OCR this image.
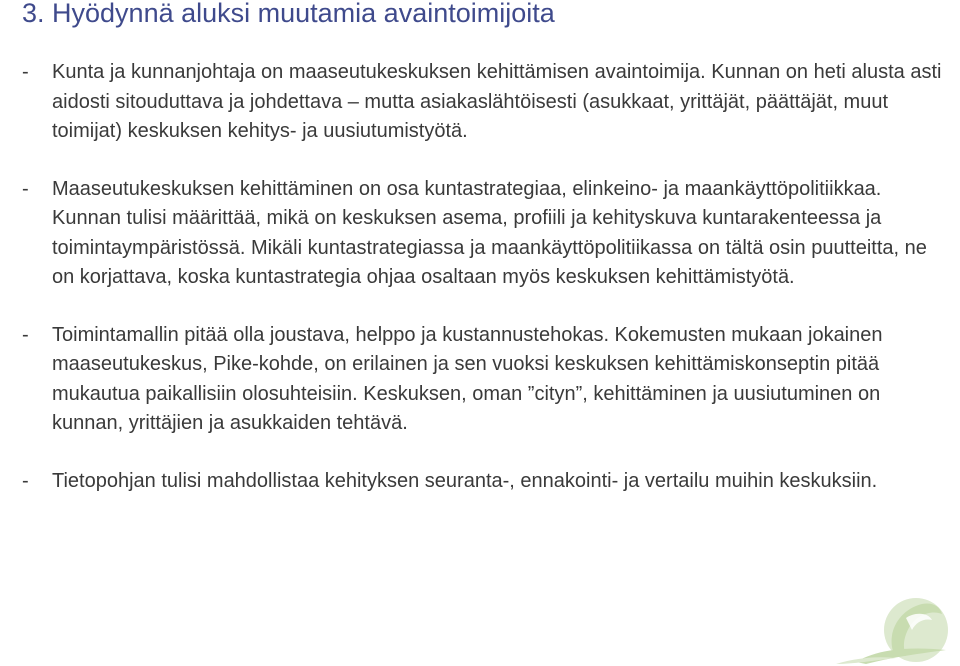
3. Hyödynnä aluksi muutamia avaintoimijoita
- Kunta ja kunnanjohtaja on maaseutukeskuksen kehittämisen avaintoimija. Kunnan on heti alusta asti aidosti sitouduttava ja johdettava – mutta asiakaslähtöisesti (asukkaat, yrittäjät, päättäjät, muut toimijat) keskuksen kehitys- ja uusiutumistyötä.
- Maaseutukeskuksen kehittäminen on osa kuntastrategiaa, elinkeino- ja maankäyttöpolitiikkaa. Kunnan tulisi määrittää, mikä on keskuksen asema, profiili ja kehityskuva kuntarakenteessa ja toimintaympäristössä. Mikäli kuntastrategiassa ja maankäyttöpolitiikassa on tältä osin puutteitta, ne on korjattava, koska kuntastrategia ohjaa osaltaan myös keskuksen kehittämistyötä.
- Toimintamallin pitää olla joustava, helppo ja kustannustehokas. Kokemusten mukaan jokainen maaseutukeskus, Pike-kohde, on erilainen ja sen vuoksi keskuksen kehittämiskonseptin pitää mukautua paikallisiin olosuhteisiin. Keskuksen, oman ”cityn”, kehittäminen ja uusiutuminen on kunnan, yrittäjien ja asukkaiden tehtävä.
- Tietopohjan tulisi mahdollistaa kehityksen seuranta-, ennakointi- ja vertailu muihin keskuksiin.
